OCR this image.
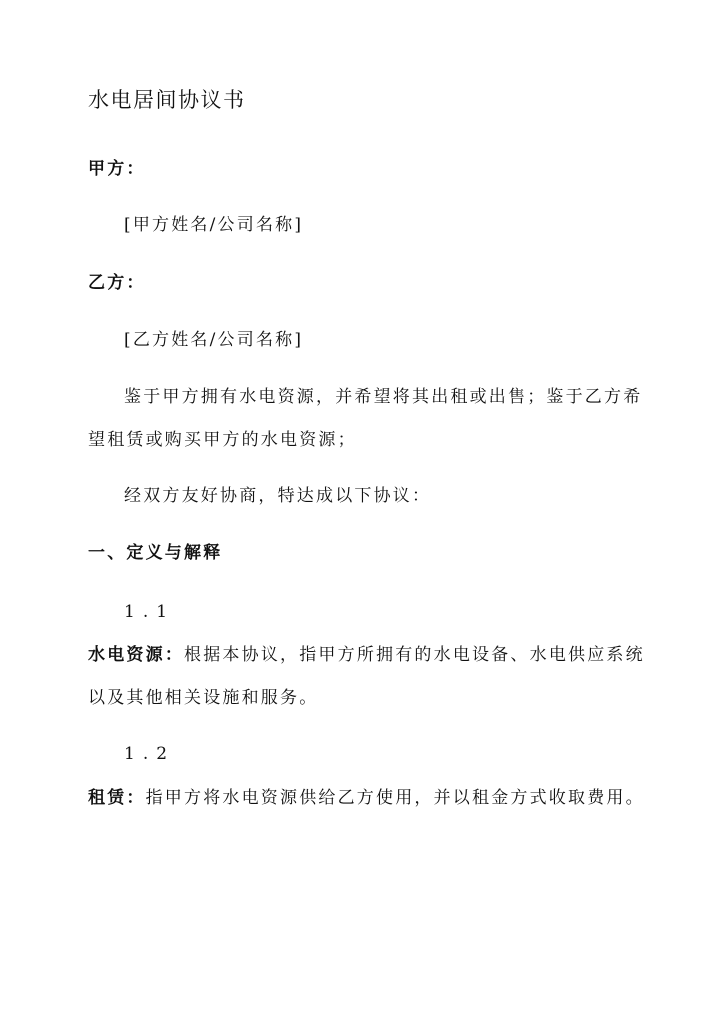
水电居间协议书
甲方：
[甲方姓名/公司名称]
乙方：
[乙方姓名/公司名称]
鉴于甲方拥有水电资源，并希望将其出租或出售；鉴于乙方希
望租赁或购买甲方的水电资源；
经双方友好协商，特达成以下协议：
一、定义与解释
1.1
水电资源：根据本协议，指甲方所拥有的水电设备、水电供应系统
以及其他相关设施和服务。
1.2
租赁：指甲方将水电资源供给乙方使用，并以租金方式收取费用。
